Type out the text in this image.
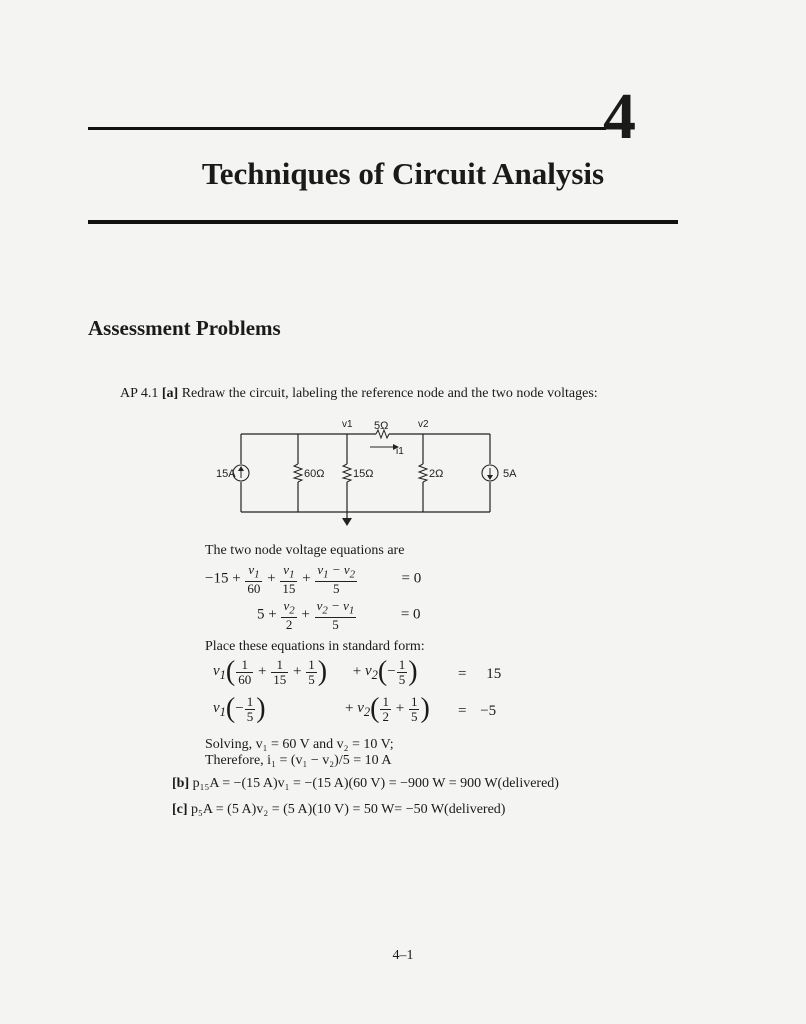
4
Techniques of Circuit Analysis
Assessment Problems
AP 4.1 [a] Redraw the circuit, labeling the reference node and the two node voltages:
v1	v2
5Ω
i1
15A	60Ω	15Ω	2Ω	5A
The two node voltage equations are
$-15 + \frac{v_1}{60} + \frac{v_1}{15} + \frac{v_1 - v_2}{5}$	= 0
$5 + \frac{v_2}{2} + \frac{v_2 - v_1}{5}$	= 0
Place these equations in standard form:
$v_1( \frac{1}{60} + \frac{1}{15} + \frac{1}{5}$ ) + $v_2(- \frac{1}{5}$ )	= 15
$v_1(- \frac{1}{5}$ )	+ $v_2( \frac{1}{2} + \frac{1}{5}$ ) = −5
Solving, v₁ = 60 V and v₂ = 10 V;
Therefore, i₁ = (v₁ − v₂)/5 = 10 A
[b] p₁₅A = −(15 A)v₁ = −(15 A)(60 V) = −900 W = 900 W(delivered)
[c] p₅A = (5 A)v₂ = (5 A)(10 V) = 50 W= −50 W(delivered)
4–1
